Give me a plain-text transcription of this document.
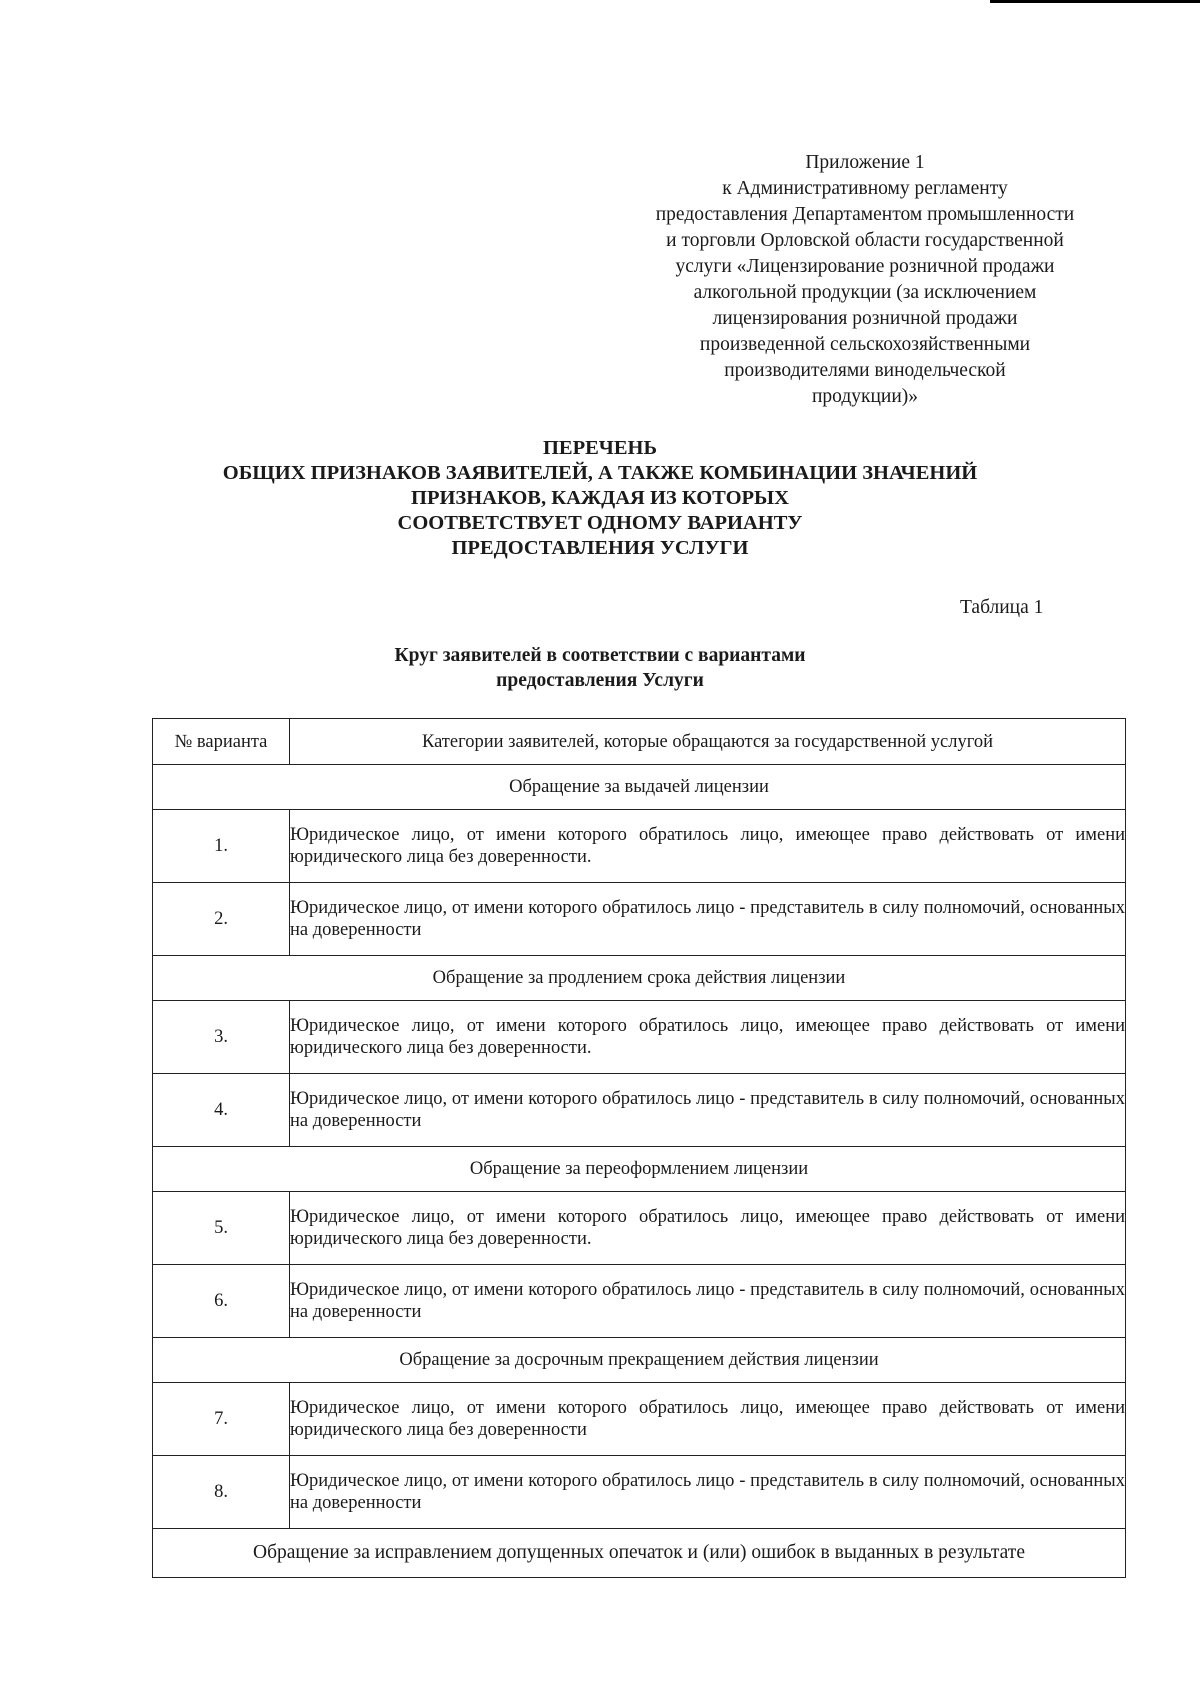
Приложение 1
к Административному регламенту
предоставления Департаментом промышленности
и торговли Орловской области государственной
услуги «Лицензирование розничной продажи
алкогольной продукции (за исключением
лицензирования розничной продажи
произведенной сельскохозяйственными
производителями винодельческой
продукции)»
ПЕРЕЧЕНЬ
ОБЩИХ ПРИЗНАКОВ ЗАЯВИТЕЛЕЙ, А ТАКЖЕ КОМБИНАЦИИ ЗНАЧЕНИЙ
ПРИЗНАКОВ, КАЖДАЯ ИЗ КОТОРЫХ
СООТВЕТСТВУЕТ ОДНОМУ ВАРИАНТУ
ПРЕДОСТАВЛЕНИЯ УСЛУГИ
Таблица 1
Круг заявителей в соответствии с вариантами
предоставления Услуги
№ варианта	Категории заявителей, которые обращаются за государственной услугой
Обращение за выдачей лицензии	
1.	Юридическое лицо, от имени которого обратилось лицо, имеющее право действовать от имени юридического лица без доверенности.
2.	Юридическое лицо, от имени которого обратилось лицо - представитель в силу полномочий, основанных на доверенности
Обращение за продлением срока действия лицензии	
3.	Юридическое лицо, от имени которого обратилось лицо, имеющее право действовать от имени юридического лица без доверенности.
4.	Юридическое лицо, от имени которого обратилось лицо - представитель в силу полномочий, основанных на доверенности
Обращение за переоформлением лицензии	
5.	Юридическое лицо, от имени которого обратилось лицо, имеющее право действовать от имени юридического лица без доверенности.
6.	Юридическое лицо, от имени которого обратилось лицо - представитель в силу полномочий, основанных на доверенности
Обращение за досрочным прекращением действия лицензии	
7.	Юридическое лицо, от имени которого обратилось лицо, имеющее право действовать от имени юридического лица без доверенности
8.	Юридическое лицо, от имени которого обратилось лицо - представитель в силу полномочий, основанных на доверенности
Обращение за исправлением допущенных опечаток и (или) ошибок в выданных в результате	
